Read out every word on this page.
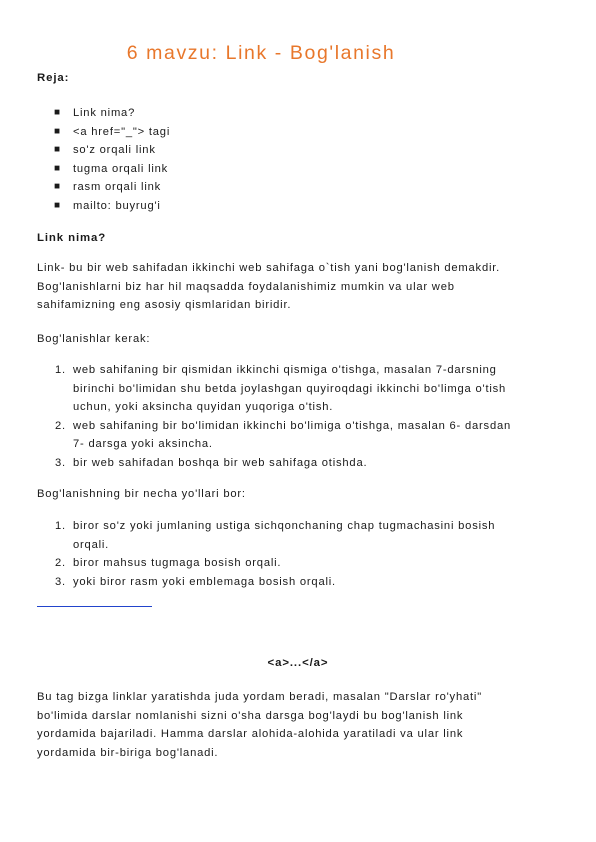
6 mavzu: Link - Bog'lanish

Reja:

■ Link nima?
■ <a href="_"> tagi
■ so'z orqali link
■ tugma orqali link
■ rasm orqali link
■ mailto: buyrug'i

Link nima?

Link- bu bir web sahifadan ikkinchi web sahifaga o`tish yani bog'lanish demakdir.
Bog'lanishlarni biz har hil maqsadda foydalanishimiz mumkin va ular web
sahifamizning eng asosiy qismlaridan biridir.

Bog'lanishlar kerak:

1. web sahifaning bir qismidan ikkinchi qismiga o'tishga, masalan 7-darsning
birinchi bo'limidan shu betda joylashgan quyiroqdagi ikkinchi bo'limga o'tish
uchun, yoki aksincha quyidan yuqoriga o'tish.
2. web sahifaning bir bo'limidan ikkinchi bo'limiga o'tishga, masalan 6- darsdan
7- darsga yoki aksincha.
3. bir web sahifadan boshqa bir web sahifaga otishda.

Bog'lanishning bir necha yo'llari bor:

1. biror so'z yoki jumlaning ustiga sichqonchaning chap tugmachasini bosish
orqali.
2. biror mahsus tugmaga bosish orqali.
3. yoki biror rasm yoki emblemaga bosish orqali.

<a>...</a>

Bu tag bizga linklar yaratishda juda yordam beradi, masalan "Darslar ro'yhati"
bo'limida darslar nomlanishi sizni o'sha darsga bog'laydi bu bog'lanish link
yordamida bajariladi. Hamma darslar alohida-alohida yaratiladi va ular link
yordamida bir-biriga bog'lanadi.
